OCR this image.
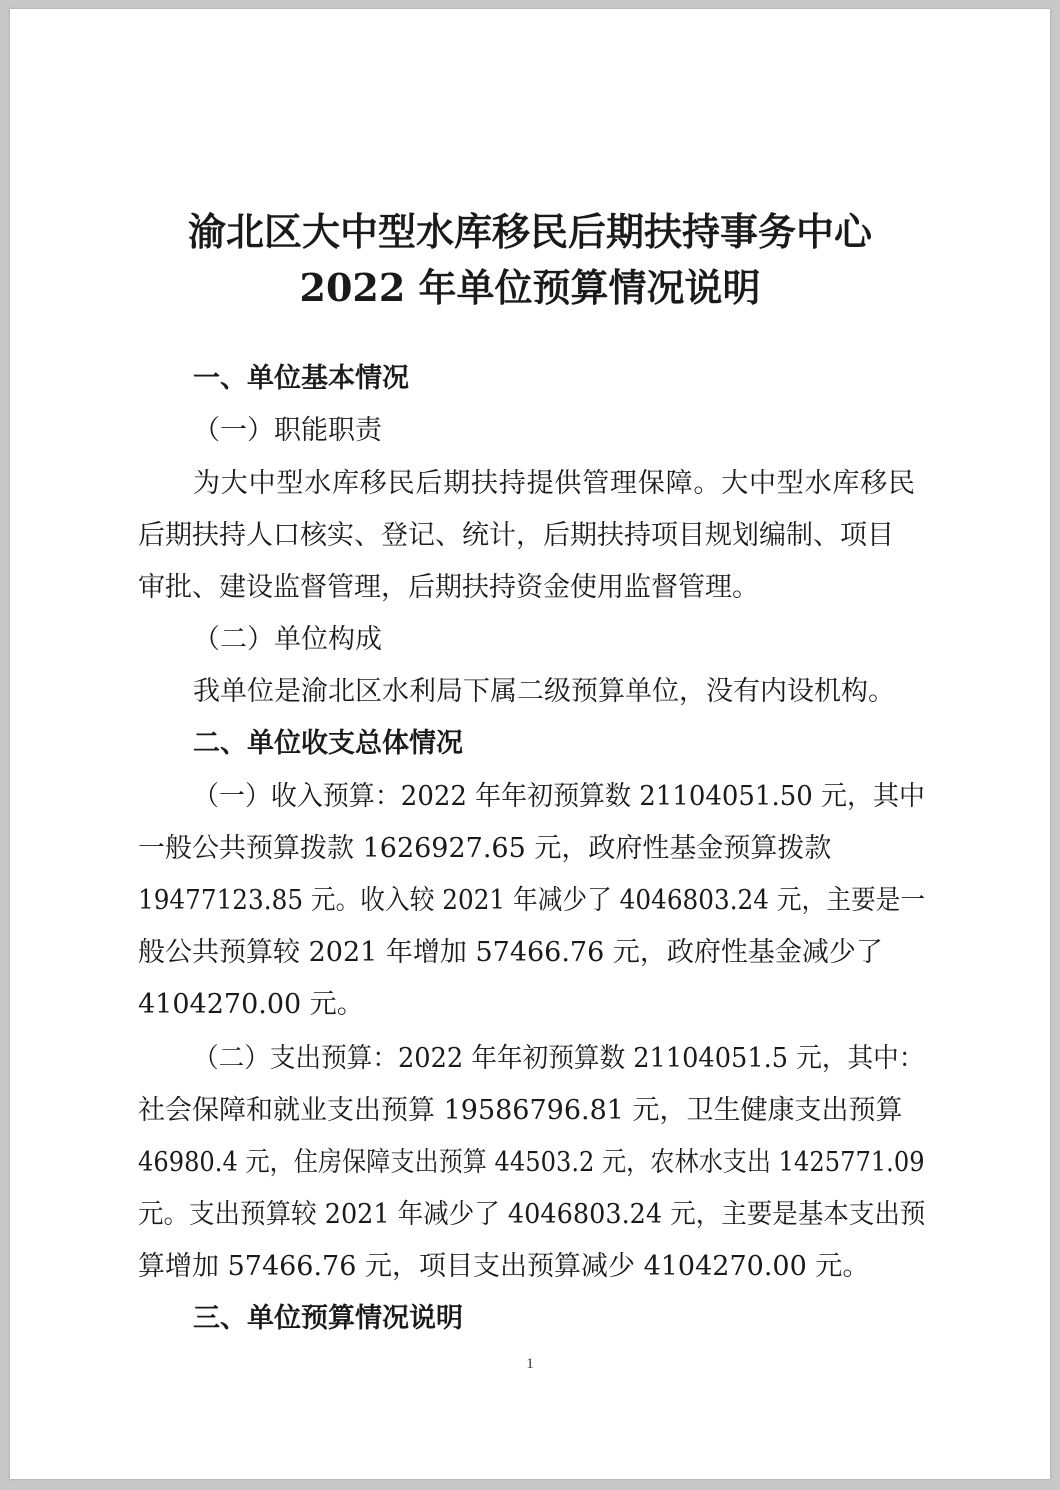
渝北区大中型水库移民后期扶持事务中心
2022 年单位预算情况说明
一、单位基本情况
（一）职能职责
为大中型水库移民后期扶持提供管理保障。大中型水库移民
后期扶持人口核实、登记、统计，后期扶持项目规划编制、项目
审批、建设监督管理，后期扶持资金使用监督管理。
（二）单位构成
我单位是渝北区水利局下属二级预算单位，没有内设机构。
二、单位收支总体情况
（一）收入预算：2022 年年初预算数 21104051.50 元，其中
一般公共预算拨款 1626927.65 元，政府性基金预算拨款
19477123.85 元。收入较 2021 年减少了 4046803.24 元，主要是一
般公共预算较 2021 年增加 57466.76 元，政府性基金减少了
4104270.00 元。
（二）支出预算：2022 年年初预算数 21104051.5 元，其中：
社会保障和就业支出预算 19586796.81 元，卫生健康支出预算
46980.4 元，住房保障支出预算 44503.2 元，农林水支出 1425771.09
元。支出预算较 2021 年减少了 4046803.24 元，主要是基本支出预
算增加 57466.76 元，项目支出预算减少 4104270.00 元。
三、单位预算情况说明
1
